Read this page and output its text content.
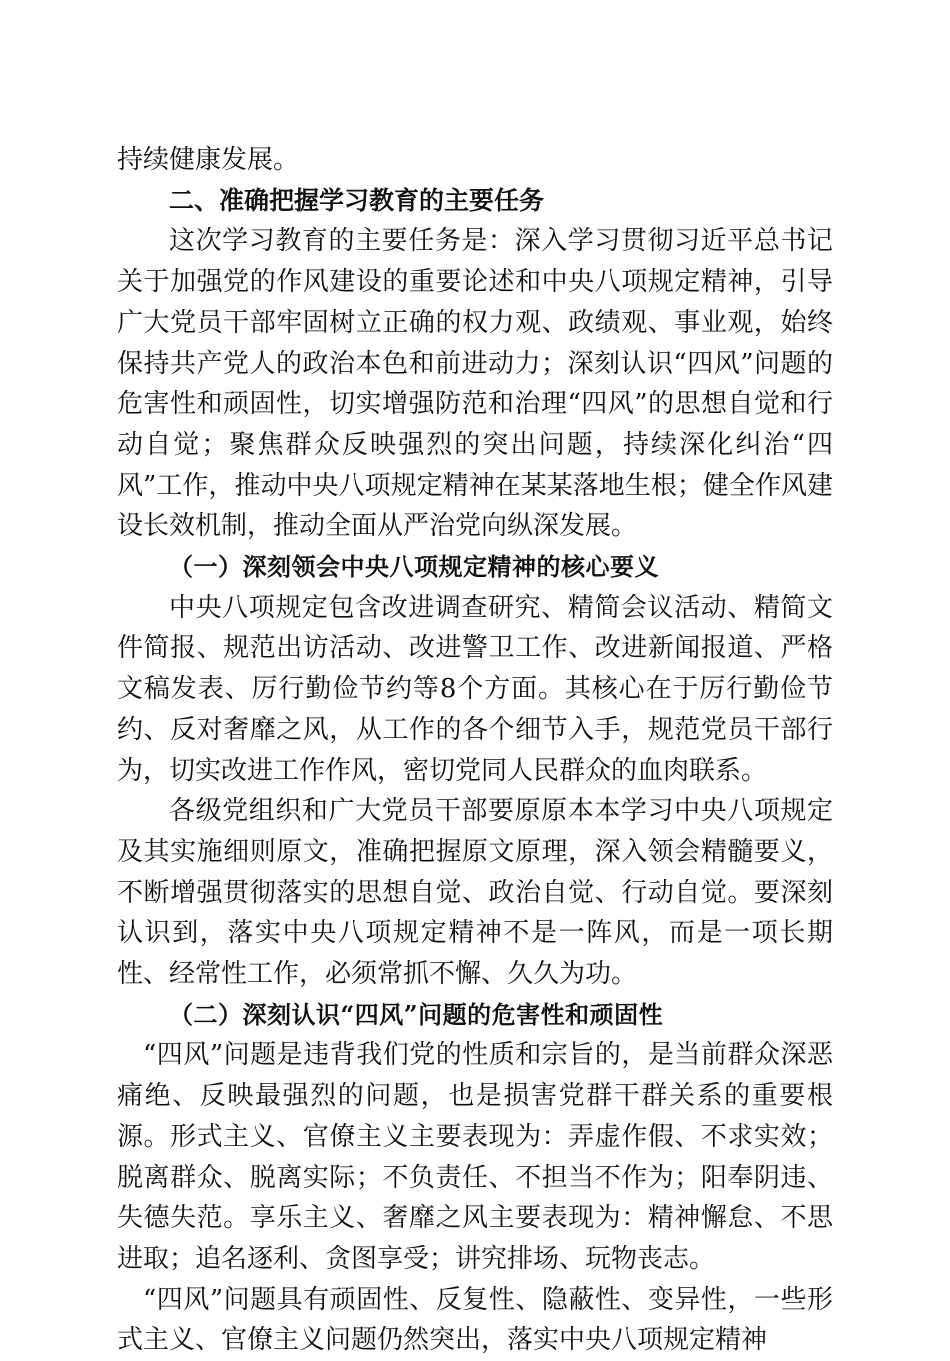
持续健康发展。

二、准确把握学习教育的主要任务

这次学习教育的主要任务是：深入学习贯彻习近平总书记关于加强党的作风建设的重要论述和中央八项规定精神，引导广大党员干部牢固树立正确的权力观、政绩观、事业观，始终保持共产党人的政治本色和前进动力；深刻认识“四风”问题的危害性和顽固性，切实增强防范和治理“四风”的思想自觉和行动自觉；聚焦群众反映强烈的突出问题，持续深化纠治“四风”工作，推动中央八项规定精神在某某落地生根；健全作风建设长效机制，推动全面从严治党向纵深发展。

（一）深刻领会中央八项规定精神的核心要义

中央八项规定包含改进调查研究、精简会议活动、精简文件简报、规范出访活动、改进警卫工作、改进新闻报道、严格文稿发表、厉行勤俭节约等8个方面。其核心在于厉行勤俭节约、反对奢靡之风，从工作的各个细节入手，规范党员干部行为，切实改进工作作风，密切党同人民群众的血肉联系。

各级党组织和广大党员干部要原原本本学习中央八项规定及其实施细则原文，准确把握原文原理，深入领会精髓要义，不断增强贯彻落实的思想自觉、政治自觉、行动自觉。要深刻认识到，落实中央八项规定精神不是一阵风，而是一项长期性、经常性工作，必须常抓不懈、久久为功。

（二）深刻认识“四风”问题的危害性和顽固性

“四风”问题是违背我们党的性质和宗旨的，是当前群众深恶痛绝、反映最强烈的问题，也是损害党群干群关系的重要根源。形式主义、官僚主义主要表现为：弄虚作假、不求实效；脱离群众、脱离实际；不负责任、不担当不作为；阳奉阴违、失德失范。享乐主义、奢靡之风主要表现为：精神懈怠、不思进取；追名逐利、贪图享受；讲究排场、玩物丧志。

“四风”问题具有顽固性、反复性、隐蔽性、变异性，一些形式主义、官僚主义问题仍然突出，落实中央八项规定精神
